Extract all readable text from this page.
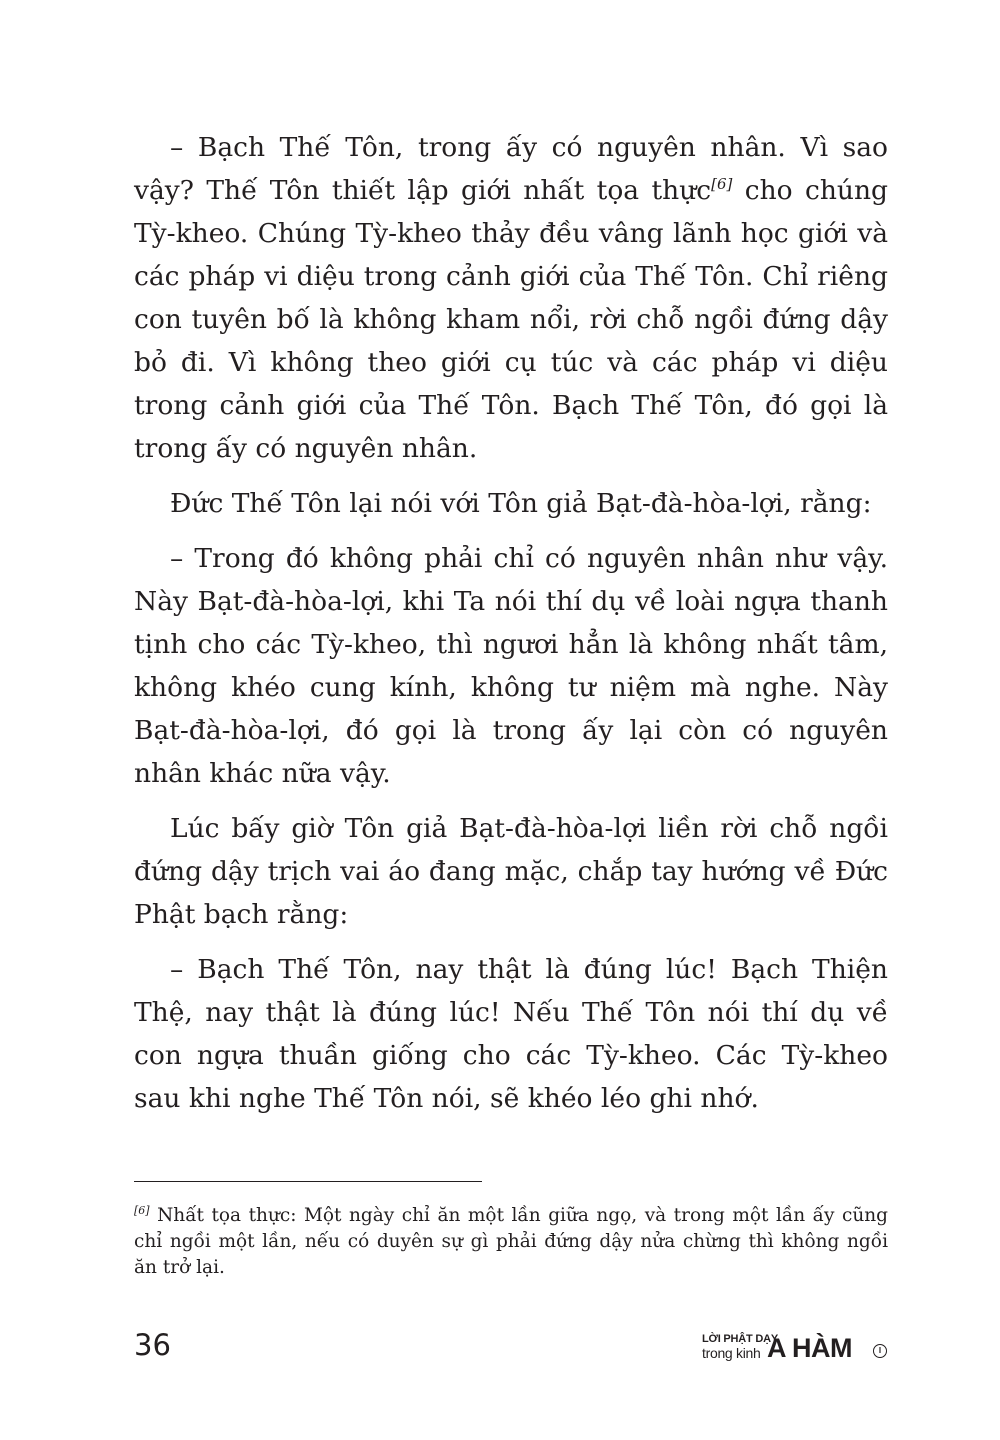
– Bạch Thế Tôn, trong ấy có nguyên nhân. Vì sao vậy? Thế Tôn thiết lập giới nhất tọa thực[6] cho chúng Tỳ-kheo. Chúng Tỳ-kheo thảy đều vâng lãnh học giới và các pháp vi diệu trong cảnh giới của Thế Tôn. Chỉ riêng con tuyên bố là không kham nổi, rời chỗ ngồi đứng dậy bỏ đi. Vì không theo giới cụ túc và các pháp vi diệu trong cảnh giới của Thế Tôn. Bạch Thế Tôn, đó gọi là trong ấy có nguyên nhân.

Đức Thế Tôn lại nói với Tôn giả Bạt-đà-hòa-lợi, rằng:

– Trong đó không phải chỉ có nguyên nhân như vậy. Này Bạt-đà-hòa-lợi, khi Ta nói thí dụ về loài ngựa thanh tịnh cho các Tỳ-kheo, thì ngươi hẳn là không nhất tâm, không khéo cung kính, không tư niệm mà nghe. Này Bạt-đà-hòa-lợi, đó gọi là trong ấy lại còn có nguyên nhân khác nữa vậy.

Lúc bấy giờ Tôn giả Bạt-đà-hòa-lợi liền rời chỗ ngồi đứng dậy trịch vai áo đang mặc, chắp tay hướng về Đức Phật bạch rằng:

– Bạch Thế Tôn, nay thật là đúng lúc! Bạch Thiện Thệ, nay thật là đúng lúc! Nếu Thế Tôn nói thí dụ về con ngựa thuần giống cho các Tỳ-kheo. Các Tỳ-kheo sau khi nghe Thế Tôn nói, sẽ khéo léo ghi nhớ.

[6] Nhất tọa thực: Một ngày chỉ ăn một lần giữa ngọ, và trong một lần ấy cũng chỉ ngồi một lần, nếu có duyên sự gì phải đứng dậy nửa chừng thì không ngồi ăn trở lại.

36	LỜI PHẬT DẠY
trong kinh A HÀM	I
